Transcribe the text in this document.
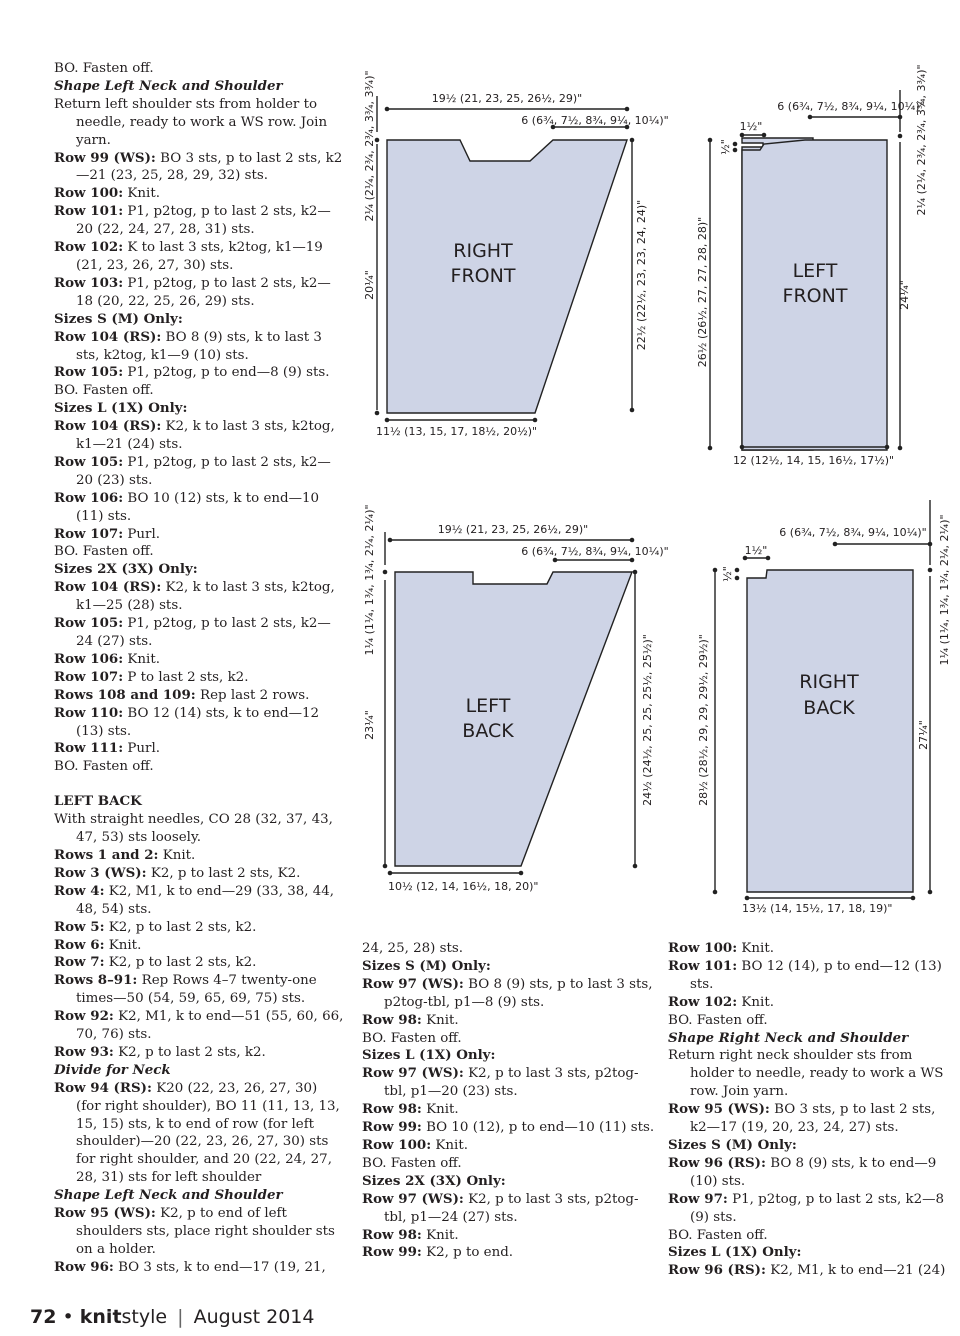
BO. Fasten off.

Shape Left Neck and Shoulder

Return left shoulder sts from holder to needle, ready to work a WS row. Join yarn.

Row 99 (WS): BO 3 sts, p to last 2 sts, k2—21 (23, 25, 28, 29, 32) sts.

Row 100: Knit.

Row 101: P1, p2tog, p to last 2 sts, k2—20 (22, 24, 27, 28, 31) sts.

Row 102: K to last 3 sts, k2tog, k1—19 (21, 23, 26, 27, 30) sts.

Row 103: P1, p2tog, p to last 2 sts, k2—18 (20, 22, 25, 26, 29) sts.

Sizes S (M) Only:

Row 104 (RS): BO 8 (9) sts, k to last 3 sts, k2tog, k1—9 (10) sts.

Row 105: P1, p2tog, p to end—8 (9) sts.

BO. Fasten off.

Sizes L (1X) Only:

Row 104 (RS): K2, k to last 3 sts, k2tog, k1—21 (24) sts.

Row 105: P1, p2tog, p to last 2 sts, k2—20 (23) sts.

Row 106: BO 10 (12) sts, k to end—10 (11) sts.

Row 107: Purl.

BO. Fasten off.

Sizes 2X (3X) Only:

Row 104 (RS): K2, k to last 3 sts, k2tog, k1—25 (28) sts.

Row 105: P1, p2tog, p to last 2 sts, k2—24 (27) sts.

Row 106: Knit.

Row 107: P to last 2 sts, k2.

Rows 108 and 109: Rep last 2 rows.

Row 110: BO 12 (14) sts, k to end—12 (13) sts.

Row 111: Purl.

BO. Fasten off.

LEFT BACK

With straight needles, CO 28 (32, 37, 43, 47, 53) sts loosely.

Rows 1 and 2: Knit.

Row 3 (WS): K2, p to last 2 sts, K2.

Row 4: K2, M1, k to end—29 (33, 38, 44, 48, 54) sts.

Row 5: K2, p to last 2 sts, k2.

Row 6: Knit.

Row 7: K2, p to last 2 sts, k2.

Rows 8–91: Rep Rows 4–7 twenty-one times—50 (54, 59, 65, 69, 75) sts.

Row 92: K2, M1, k to end—51 (55, 60, 66, 70, 76) sts.

Row 93: K2, p to last 2 sts, k2.

Divide for Neck

Row 94 (RS): K20 (22, 23, 26, 27, 30) (for right shoulder), BO 11 (11, 13, 13, 15, 15) sts, k to end of row (for left shoulder)—20 (22, 23, 26, 27, 30) sts for right shoulder, and 20 (22, 24, 27, 28, 31) sts for left shoulder

Shape Left Neck and Shoulder

Row 95 (WS): K2, p to end of left shoulders sts, place right shoulder sts on a holder.

Row 96: BO 3 sts, k to end—17 (19, 21,

24, 25, 28) sts.

Sizes S (M) Only:

Row 97 (WS): BO 8 (9) sts, p to last 3 sts, p2tog-tbl, p1—8 (9) sts.

Row 98: Knit.

BO. Fasten off.

Sizes L (1X) Only:

Row 97 (WS): K2, p to last 3 sts, p2tog-tbl, p1—20 (23) sts.

Row 98: Knit.

Row 99: BO 10 (12), p to end—10 (11) sts.

Row 100: Knit.

BO. Fasten off.

Sizes 2X (3X) Only:

Row 97 (WS): K2, p to last 3 sts, p2tog-tbl, p1—24 (27) sts.

Row 98: Knit.

Row 99: K2, p to end.

Row 100: Knit.

Row 101: BO 12 (14), p to end—12 (13) sts.

Row 102: Knit.

BO. Fasten off.

Shape Right Neck and Shoulder

Return right neck shoulder sts from holder to needle, ready to work a WS row. Join yarn.

Row 95 (WS): BO 3 sts, p to last 2 sts, k2—17 (19, 20, 23, 24, 27) sts.

Sizes S (M) Only:

Row 96 (RS): BO 8 (9) sts, k to end—9 (10) sts.

Row 97: P1, p2tog, p to last 2 sts, k2—8 (9) sts.

BO. Fasten off.

Sizes L (1X) Only:

Row 96 (RS): K2, M1, k to end—21 (24)

19½ (21, 23, 25, 26½, 29)"
6 (6¾, 7½, 8¾, 9¼, 10¼)"
2¼ (2¼, 2¾, 2¾, 3¾, 3¾)"
20¼"	22½ (22½, 23, 23, 24, 24)"
11½ (13, 15, 17, 18½, 20½)"
RIGHT
FRONT
1½"
½"
6 (6¾, 7½, 8¾, 9¼, 10¼)"
26½ (26½, 27, 27, 28, 28)"
2¼ (2¼, 2¾, 2¾, 3¾, 3¾)"
24¼"
12 (12½, 14, 15, 16½, 17½)"
LEFT
FRONT
19½ (21, 23, 25, 26½, 29)"
6 (6¾, 7½, 8¾, 9¼, 10¼)"
1¼ (1¼, 1¾, 1¾, 2¼, 2¼)"
23¼"	24½ (24½, 25, 25, 25½, 25½)"
10½ (12, 14, 16½, 18, 20)"
LEFT
BACK
1½"
½"
6 (6¾, 7½, 8¾, 9¼, 10¼)"
28½ (28½, 29, 29, 29½, 29½)"
1¼ (1¼, 1¾, 1¾, 2¼, 2¼)"
27¼"
13½ (14, 15½, 17, 18, 19)"
RIGHT
BACK
72 • knitstyle | August 2014
